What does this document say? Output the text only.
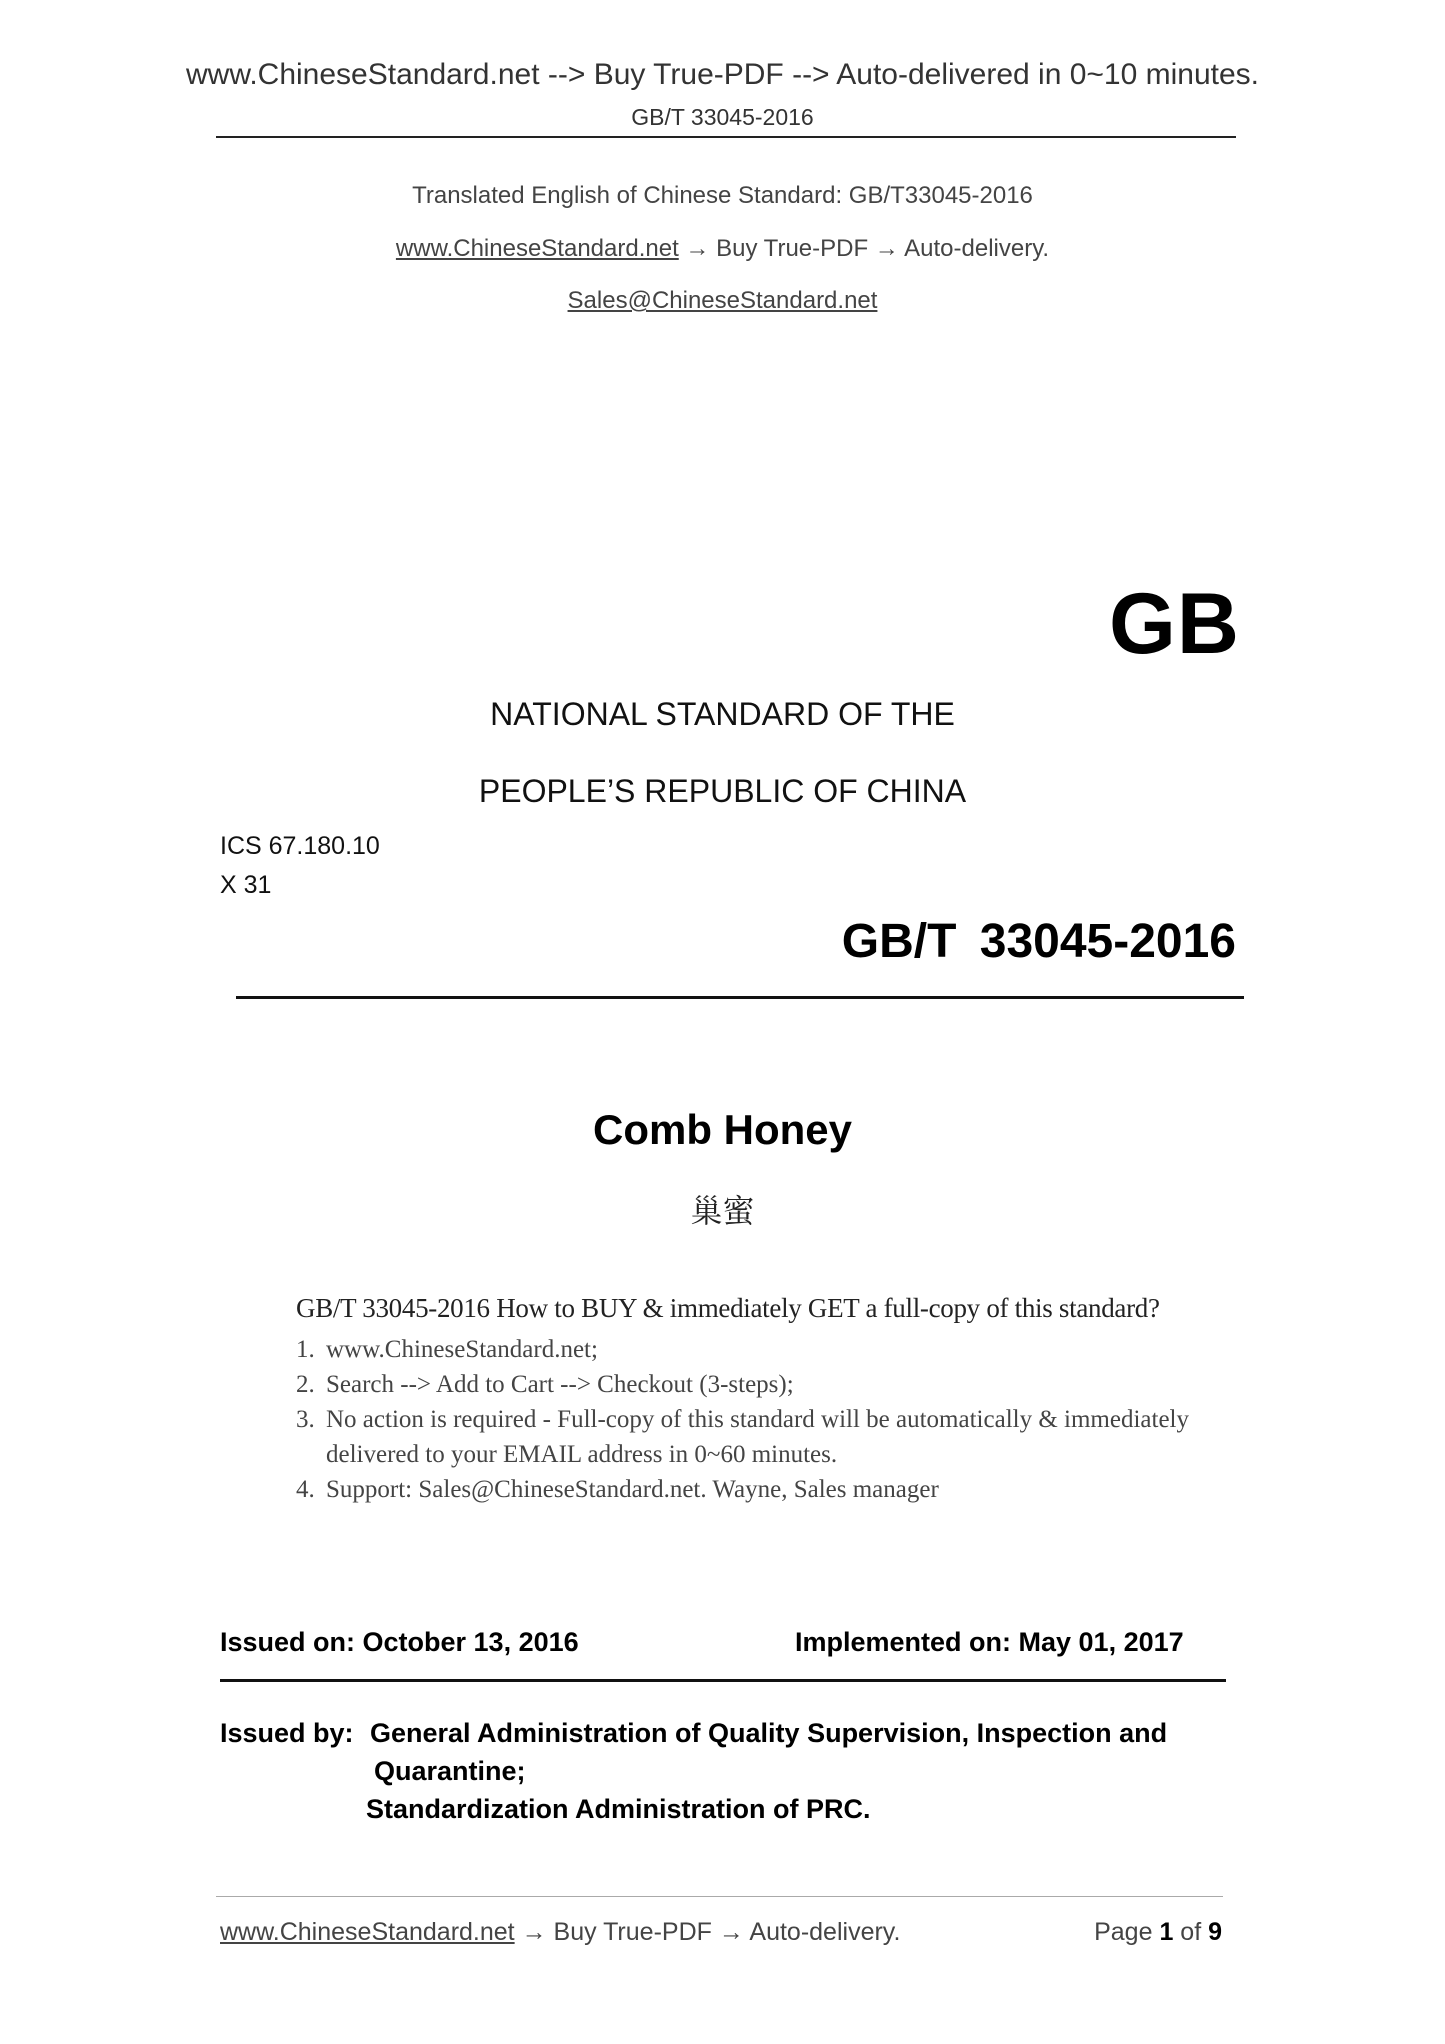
www.ChineseStandard.net --> Buy True-PDF --> Auto-delivered in 0~10 minutes.
GB/T 33045-2016
Translated English of Chinese Standard: GB/T33045-2016
www.ChineseStandard.net → Buy True-PDF → Auto-delivery.
Sales@ChineseStandard.net
GB
NATIONAL STANDARD OF THE
PEOPLE’S REPUBLIC OF CHINA
ICS 67.180.10
X 31
GB/T 33045-2016
Comb Honey
巢蜜
GB/T 33045-2016 How to BUY & immediately GET a full-copy of this standard?
1. www.ChineseStandard.net;
2. Search --> Add to Cart --> Checkout (3-steps);
3. No action is required - Full-copy of this standard will be automatically & immediately delivered to your EMAIL address in 0~60 minutes.
4. Support: Sales@ChineseStandard.net. Wayne, Sales manager
Issued on: October 13, 2016	Implemented on: May 01, 2017
Issued by: General Administration of Quality Supervision, Inspection and
Quarantine;
Standardization Administration of PRC.
www.ChineseStandard.net → Buy True-PDF → Auto-delivery.	Page 1 of 9
